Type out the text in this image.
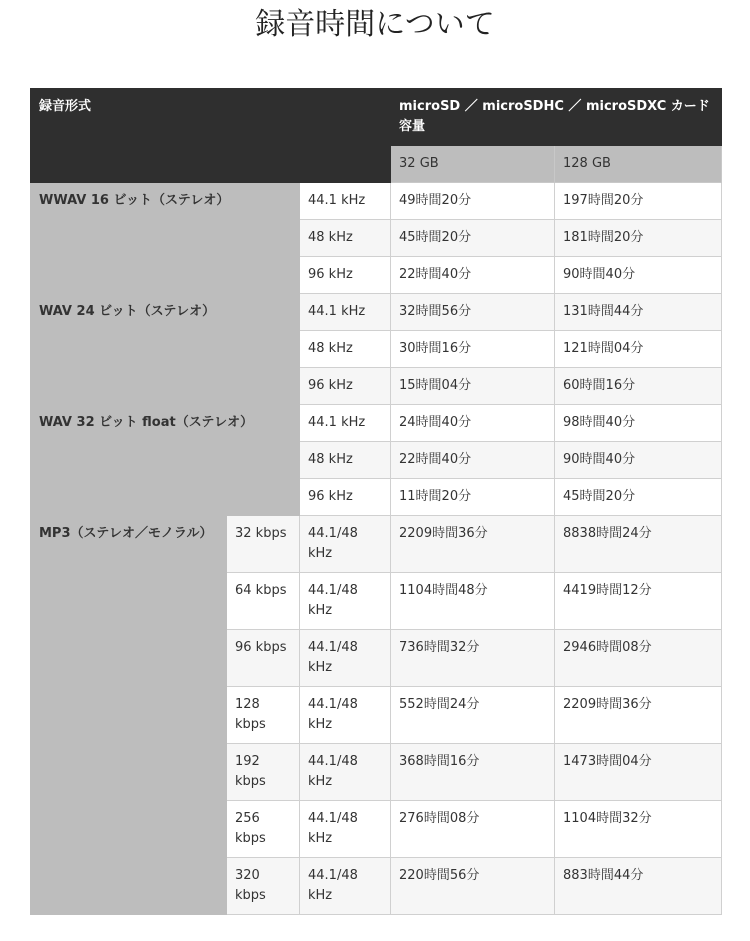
録音時間について
録音形式			microSD ／ microSDHC ／ microSDXC カード容量	
			32 GB	128 GB
WWAV 16 ビット（ステレオ）		44.1 kHz	49時間20分	197時間20分
		48 kHz	45時間20分	181時間20分
		96 kHz	22時間40分	90時間40分
WAV 24 ビット（ステレオ）		44.1 kHz	32時間56分	131時間44分
		48 kHz	30時間16分	121時間04分
		96 kHz	15時間04分	60時間16分
WAV 32 ビット float（ステレオ）		44.1 kHz	24時間40分	98時間40分
		48 kHz	22時間40分	90時間40分
		96 kHz	11時間20分	45時間20分
MP3（ステレオ／モノラル）	32 kbps	44.1/48 kHz	2209時間36分	8838時間24分
	64 kbps	44.1/48 kHz	1104時間48分	4419時間12分
	96 kbps	44.1/48 kHz	736時間32分	2946時間08分
	128 kbps	44.1/48 kHz	552時間24分	2209時間36分
	192 kbps	44.1/48 kHz	368時間16分	1473時間04分
	256 kbps	44.1/48 kHz	276時間08分	1104時間32分
	320 kbps	44.1/48 kHz	220時間56分	883時間44分
